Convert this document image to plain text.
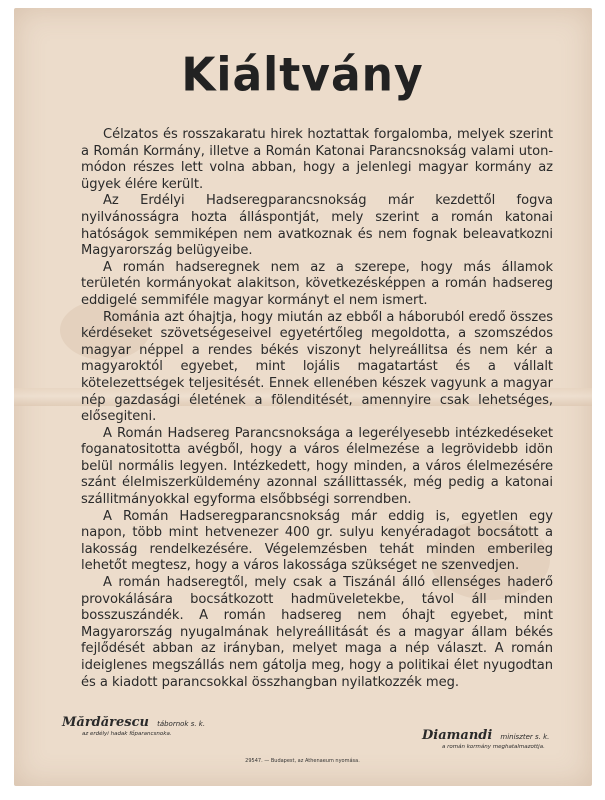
Kiáltvány

Célzatos és rosszakaratu hirek hoztattak forgalomba, melyek szerint a Román Kormány, illetve a Román Katonai Parancsnokság valami uton-módon részes lett volna abban, hogy a jelenlegi magyar kormány az ügyek élére került.

Az Erdélyi Hadseregparancsnokság már kezdettől fogva nyilvánosságra hozta álláspontját, mely szerint a román katonai hatóságok semmiképen nem avatkoznak és nem fognak beleavatkozni Magyarország belügyeibe.

A román hadseregnek nem az a szerepe, hogy más államok területén kormányokat alakitson, következésképpen a román hadsereg eddigelé semmiféle magyar kormányt el nem ismert.

Románia azt óhajtja, hogy miután az ebből a háboruból eredő összes kérdéseket szövetségeseivel egyetértőleg megoldotta, a szomszédos magyar néppel a rendes békés viszonyt helyreállitsa és nem kér a magyaroktól egyebet, mint lojális magatartást és a vállalt kötelezettségek teljesitését. Ennek ellenében készek vagyunk a magyar nép gazdasági életének a fölenditését, amennyire csak lehetséges, elősegiteni.

A Román Hadsereg Parancsnoksága a legerélyesebb intézkedéseket foganatositotta avégből, hogy a város élelmezése a legrövidebb idön belül normális legyen. Intézkedett, hogy minden, a város élelmezésére szánt élelmiszerküldemény azonnal szállittassék, még pedig a katonai szállitmányokkal egyforma elsőbbségi sorrendben.

A Román Hadseregparancsnokság már eddig is, egyetlen egy napon, több mint hetvenezer 400 gr. sulyu kenyéradagot bocsátott a lakosság rendelkezésére. Végelemzésben tehát minden emberileg lehetőt megtesz, hogy a város lakossága szükséget ne szenvedjen.

A román hadseregtől, mely csak a Tiszánál álló ellenséges haderő provokálására bocsátkozott hadmüveletekbe, távol áll minden bosszuszándék. A román hadsereg nem óhajt egyebet, mint Magyarország nyugalmának helyreállitását és a magyar állam békés fejlődését abban az irányban, melyet maga a nép választ. A román ideiglenes megszállás nem gátolja meg, hogy a politikai élet nyugodtan és a kiadott parancsokkal összhangban nyilatkozzék meg.

Mărdărescu tábornok s. k.
az erdélyi hadak főparancsnoka.	Diamandi miniszter s. k.
a román kormány meghatalmazottja.
29547. — Budapest, az Athenaeum nyomása.
